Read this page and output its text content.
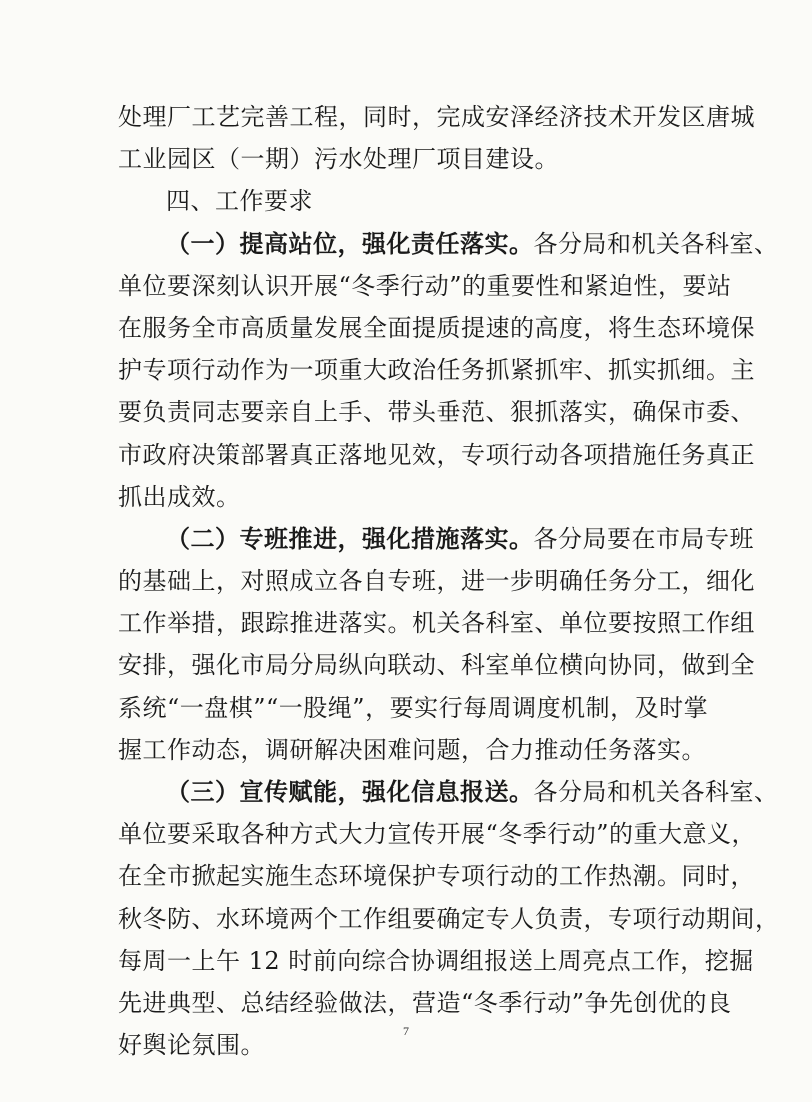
处理厂工艺完善工程，同时，完成安泽经济技术开发区唐城
工业园区（一期）污水处理厂项目建设。
四、工作要求
（一）提高站位，强化责任落实。各分局和机关各科室、
单位要深刻认识开展“冬季行动”的重要性和紧迫性，要站
在服务全市高质量发展全面提质提速的高度，将生态环境保
护专项行动作为一项重大政治任务抓紧抓牢、抓实抓细。主
要负责同志要亲自上手、带头垂范、狠抓落实，确保市委、
市政府决策部署真正落地见效，专项行动各项措施任务真正
抓出成效。
（二）专班推进，强化措施落实。各分局要在市局专班
的基础上，对照成立各自专班，进一步明确任务分工，细化
工作举措，跟踪推进落实。机关各科室、单位要按照工作组
安排，强化市局分局纵向联动、科室单位横向协同，做到全
系统“一盘棋”“一股绳”，要实行每周调度机制，及时掌
握工作动态，调研解决困难问题，合力推动任务落实。
（三）宣传赋能，强化信息报送。各分局和机关各科室、
单位要采取各种方式大力宣传开展“冬季行动”的重大意义，
在全市掀起实施生态环境保护专项行动的工作热潮。同时，
秋冬防、水环境两个工作组要确定专人负责，专项行动期间，
每周一上午 12 时前向综合协调组报送上周亮点工作，挖掘
先进典型、总结经验做法，营造“冬季行动”争先创优的良
好舆论氛围。
7
